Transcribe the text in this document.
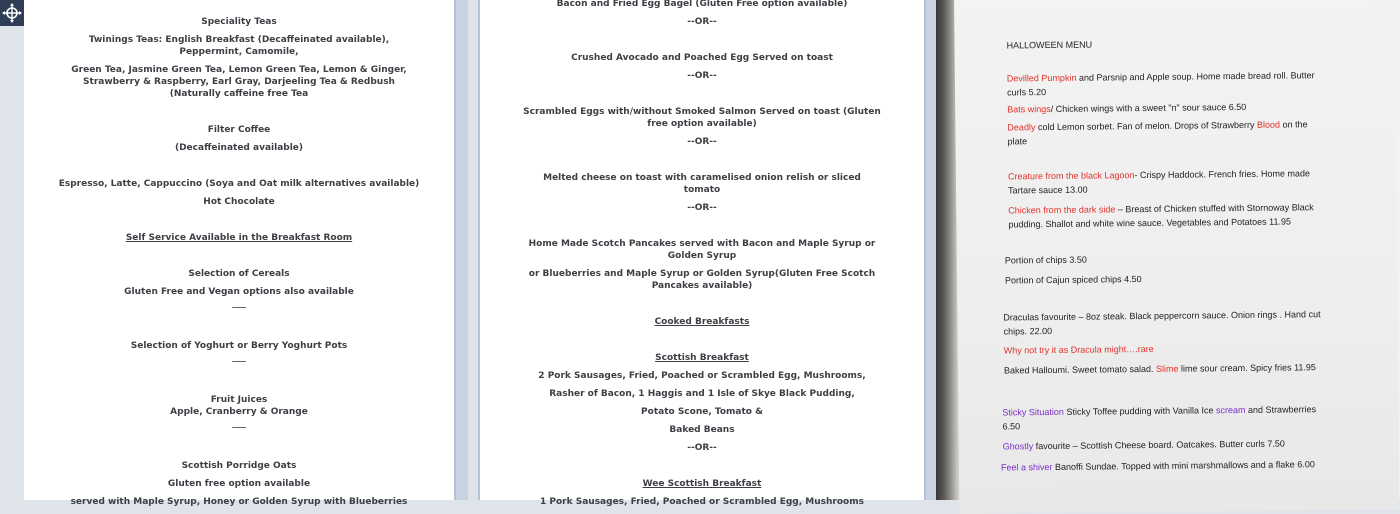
Speciality Teas
Twinings Teas: English Breakfast (Decaffeinated available),
Peppermint, Camomile,
Green Tea, Jasmine Green Tea, Lemon Green Tea, Lemon & Ginger,
Strawberry & Raspberry, Earl Gray, Darjeeling Tea & Redbush
(Naturally caffeine free Tea
Filter Coffee
(Decaffeinated available)
Espresso, Latte, Cappuccino (Soya and Oat milk alternatives available)
Hot Chocolate
Self Service Available in the Breakfast Room
Selection of Cereals
Gluten Free and Vegan options also available
___
Selection of Yoghurt or Berry Yoghurt Pots
___
Fruit Juices
Apple, Cranberry & Orange
___
Scottish Porridge Oats
Gluten free option available
served with Maple Syrup, Honey or Golden Syrup with Blueberries
Bacon and Fried Egg Bagel (Gluten Free option available)
--OR--
Crushed Avocado and Poached Egg Served on toast
--OR--
Scrambled Eggs with/without Smoked Salmon Served on toast (Gluten
free option available)
--OR--
Melted cheese on toast with caramelised onion relish or sliced
tomato
--OR--
Home Made Scotch Pancakes served with Bacon and Maple Syrup or
Golden Syrup
or Blueberries and Maple Syrup or Golden Syrup(Gluten Free Scotch
Pancakes available)
Cooked Breakfasts
Scottish Breakfast
2 Pork Sausages, Fried, Poached or Scrambled Egg, Mushrooms,
Rasher of Bacon, 1 Haggis and 1 Isle of Skye Black Pudding,
Potato Scone, Tomato &
Baked Beans
--OR--
Wee Scottish Breakfast
1 Pork Sausages, Fried, Poached or Scrambled Egg, Mushrooms
HALLOWEEN MENU
Devilled Pumpkin and Parsnip and Apple soup. Home made bread roll. Butter
curls 5.20
Bats wings/ Chicken wings with a sweet "n" sour sauce 6.50
Deadly cold Lemon sorbet. Fan of melon. Drops of Strawberry Blood on the
plate
Creature from the black Lagoon- Crispy Haddock. French fries. Home made
Tartare sauce 13.00
Chicken from the dark side – Breast of Chicken stuffed with Stornoway Black
pudding. Shallot and white wine sauce. Vegetables and Potatoes 11.95
Portion of chips 3.50
Portion of Cajun spiced chips 4.50
Draculas favourite – 8oz steak. Black peppercorn sauce. Onion rings . Hand cut
chips. 22.00
Why not try it as Dracula might….rare
Baked Halloumi. Sweet tomato salad. Slime lime sour cream. Spicy fries 11.95
Sticky Situation Sticky Toffee pudding with Vanilla Ice scream and Strawberries
6.50
Ghostly favourite – Scottish Cheese board. Oatcakes. Butter curls 7.50
Feel a shiver Banoffi Sundae. Topped with mini marshmallows and a flake 6.00
